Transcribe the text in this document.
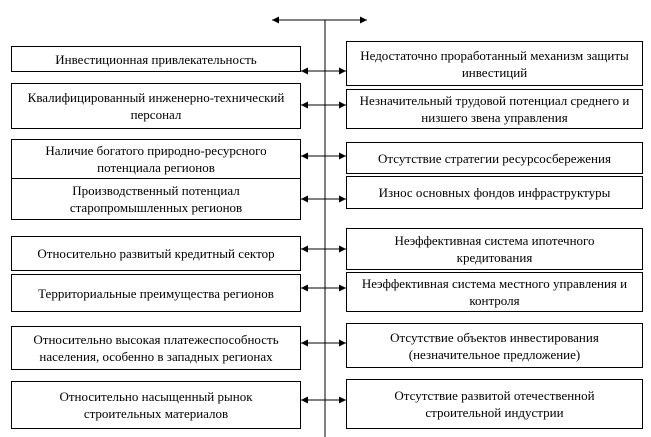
Инвестиционная привлекательность
Квалифицированный инженерно-технический
персонал
Наличие богатого природно-ресурсного
потенциала регионов
Производственный потенциал
старопромышленных регионов
Относительно развитый кредитный сектор
Территориальные преимущества регионов
Относительно высокая платежеспособность
населения, особенно в западных регионах
Относительно насыщенный рынок
строительных материалов
Недостаточно проработанный механизм защиты
инвестиций
Незначительный трудовой потенциал среднего и
низшего звена управления
Отсутствие стратегии ресурсосбережения
Износ основных фондов инфраструктуры
Неэффективная система ипотечного
кредитования
Неэффективная система местного управления и
контроля
Отсутствие объектов инвестирования
(незначительное предложение)
Отсутствие развитой отечественной
строительной индустрии
